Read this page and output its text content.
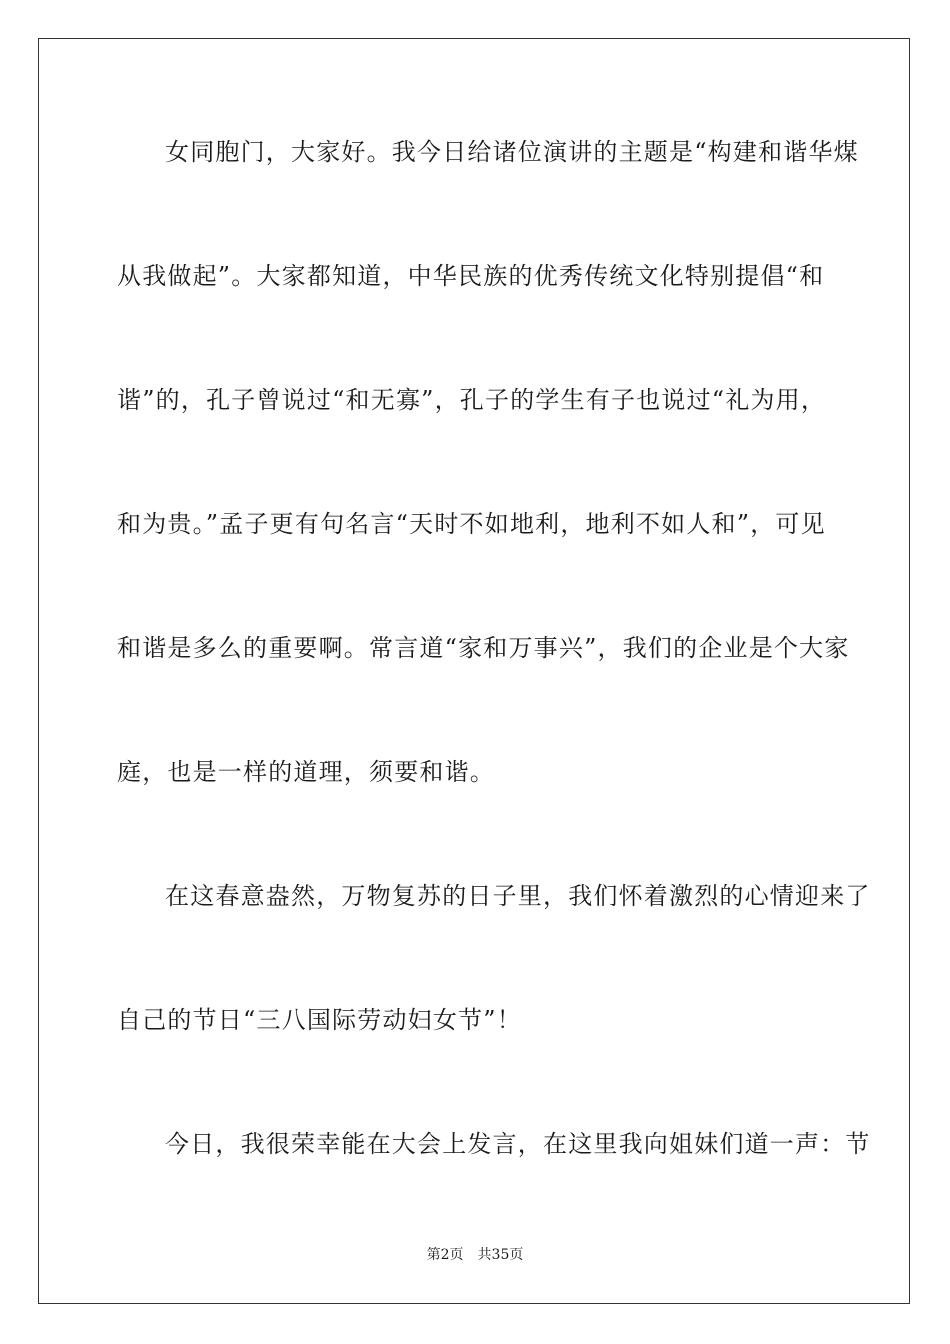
女同胞门，大家好。我今日给诸位演讲的主题是“构建和谐华煤
从我做起”。大家都知道，中华民族的优秀传统文化特别提倡“和
谐”的，孔子曾说过“和无寡”，孔子的学生有子也说过“礼为用，
和为贵。”孟子更有句名言“天时不如地利，地利不如人和”，可见
和谐是多么的重要啊。常言道“家和万事兴”，我们的企业是个大家
庭，也是一样的道理，须要和谐。
在这春意盎然，万物复苏的日子里，我们怀着激烈的心情迎来了
自己的节日“三八国际劳动妇女节”！
今日，我很荣幸能在大会上发言，在这里我向姐妹们道一声：节
第2页　共35页
